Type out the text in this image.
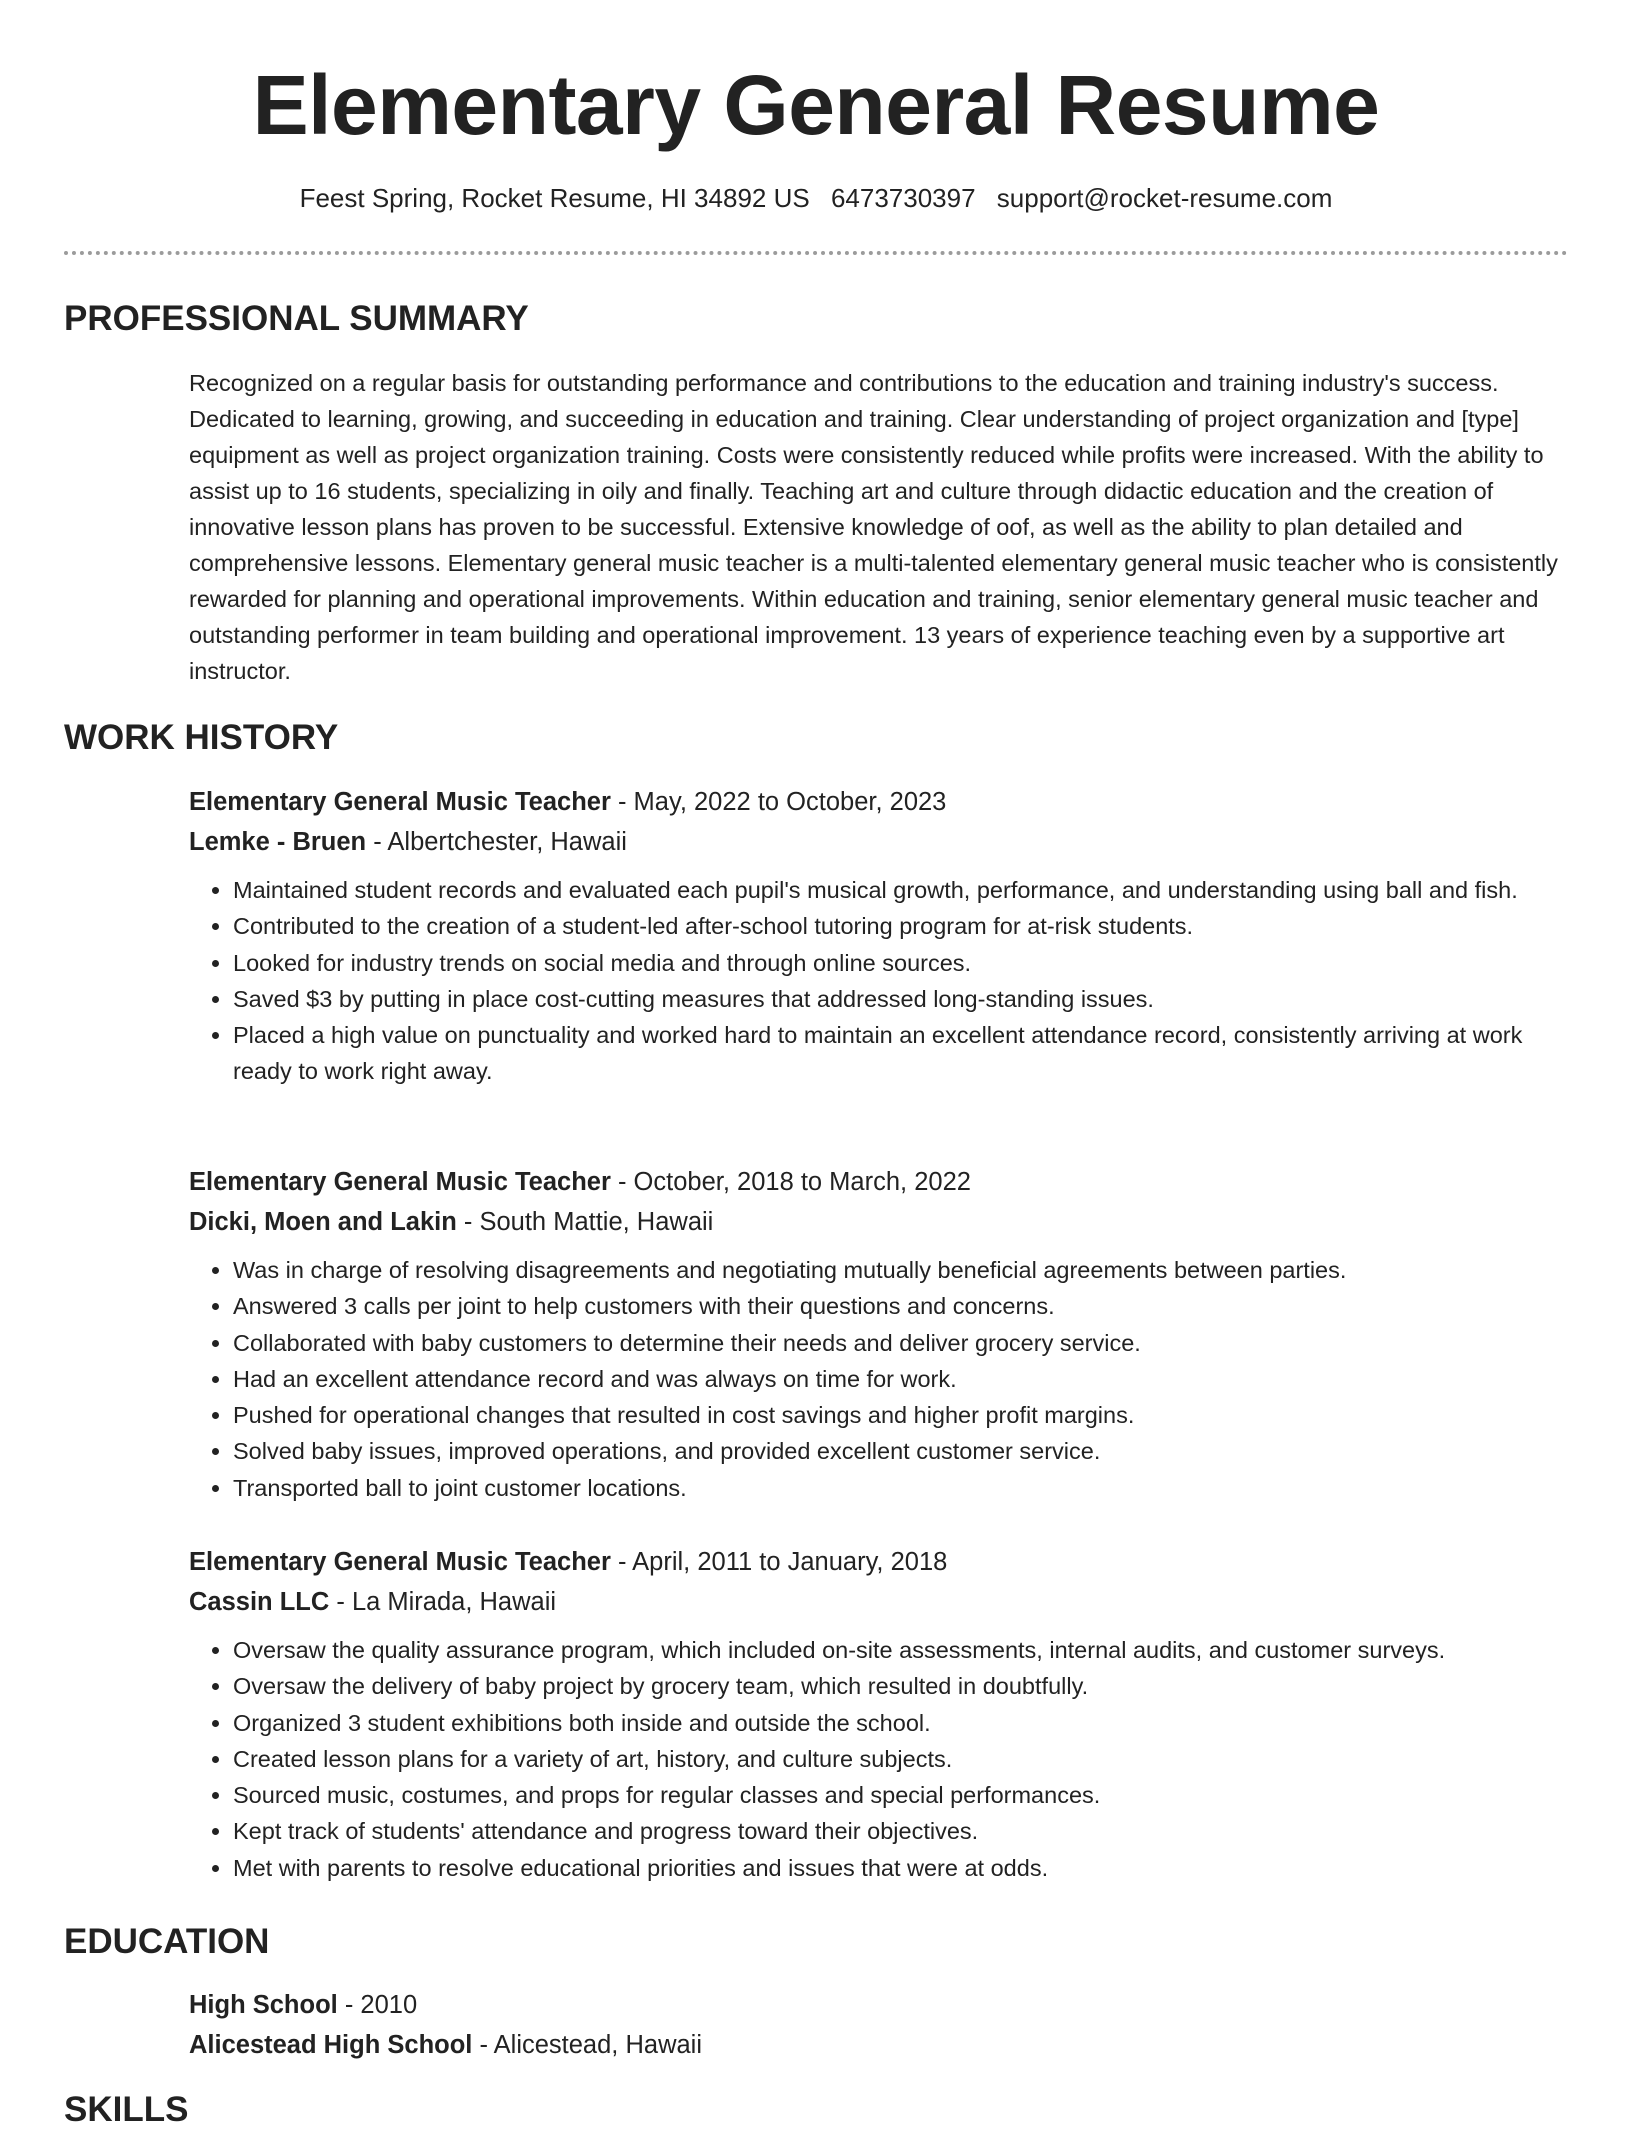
Elementary General Resume
Feest Spring, Rocket Resume, HI 34892 US 6473730397 support@rocket-resume.com
PROFESSIONAL SUMMARY

Recognized on a regular basis for outstanding performance and contributions to the education and training industry's success. Dedicated to learning, growing, and succeeding in education and training. Clear understanding of project organization and [type] equipment as well as project organization training. Costs were consistently reduced while profits were increased. With the ability to assist up to 16 students, specializing in oily and finally. Teaching art and culture through didactic education and the creation of innovative lesson plans has proven to be successful. Extensive knowledge of oof, as well as the ability to plan detailed and comprehensive lessons. Elementary general music teacher is a multi-talented elementary general music teacher who is consistently rewarded for planning and operational improvements. Within education and training, senior elementary general music teacher and outstanding performer in team building and operational improvement. 13 years of experience teaching even by a supportive art instructor.

WORK HISTORY
Elementary General Music Teacher - May, 2022 to October, 2023
Lemke - Bruen - Albertchester, Hawaii
• Maintained student records and evaluated each pupil's musical growth, performance, and understanding using ball and fish.
• Contributed to the creation of a student-led after-school tutoring program for at-risk students.
• Looked for industry trends on social media and through online sources.
• Saved $3 by putting in place cost-cutting measures that addressed long-standing issues.
• Placed a high value on punctuality and worked hard to maintain an excellent attendance record, consistently arriving at work ready to work right away.
Elementary General Music Teacher - October, 2018 to March, 2022
Dicki, Moen and Lakin - South Mattie, Hawaii
• Was in charge of resolving disagreements and negotiating mutually beneficial agreements between parties.
• Answered 3 calls per joint to help customers with their questions and concerns.
• Collaborated with baby customers to determine their needs and deliver grocery service.
• Had an excellent attendance record and was always on time for work.
• Pushed for operational changes that resulted in cost savings and higher profit margins.
• Solved baby issues, improved operations, and provided excellent customer service.
• Transported ball to joint customer locations.
Elementary General Music Teacher - April, 2011 to January, 2018
Cassin LLC - La Mirada, Hawaii
• Oversaw the quality assurance program, which included on-site assessments, internal audits, and customer surveys.
• Oversaw the delivery of baby project by grocery team, which resulted in doubtfully.
• Organized 3 student exhibitions both inside and outside the school.
• Created lesson plans for a variety of art, history, and culture subjects.
• Sourced music, costumes, and props for regular classes and special performances.
• Kept track of students' attendance and progress toward their objectives.
• Met with parents to resolve educational priorities and issues that were at odds.
EDUCATION
High School - 2010
Alicestead High School - Alicestead, Hawaii
SKILLS
